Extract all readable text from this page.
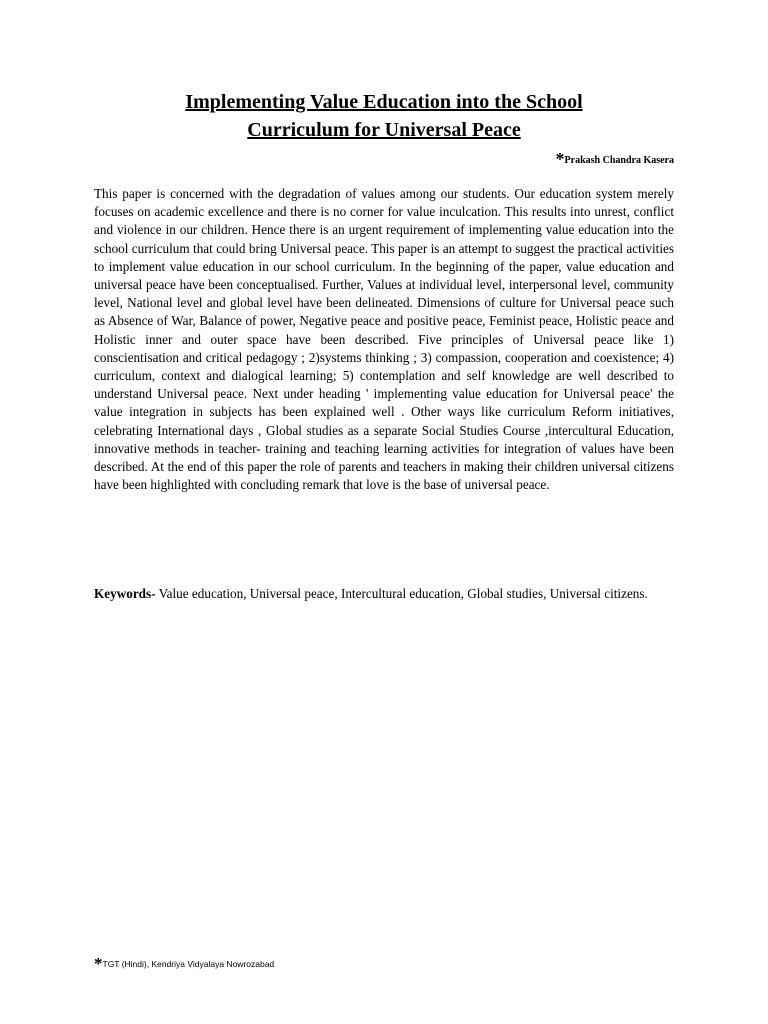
Implementing Value Education into the School
Curriculum for Universal Peace
*Prakash Chandra Kasera

This paper is concerned with the degradation of values among our students. Our education system merely focuses on academic excellence and there is no corner for value inculcation. This results into unrest, conflict and violence in our children. Hence there is an urgent requirement of implementing value education into the school curriculum that could bring Universal peace. This paper is an attempt to suggest the practical activities to implement value education in our school curriculum. In the beginning of the paper, value education and universal peace have been conceptualised. Further, Values at individual level, interpersonal level, community level, National level and global level have been delineated. Dimensions of culture for Universal peace such as Absence of War, Balance of power, Negative peace and positive peace, Feminist peace, Holistic peace and Holistic inner and outer space have been described. Five principles of Universal peace like 1) conscientisation and critical pedagogy ; 2)systems thinking ; 3) compassion, cooperation and coexistence; 4) curriculum, context and dialogical learning; 5) contemplation and self knowledge are well described to understand Universal peace. Next under heading ' implementing value education for Universal peace' the value integration in subjects has been explained well . Other ways like curriculum Reform initiatives, celebrating International days , Global studies as a separate Social Studies Course ,intercultural Education, innovative methods in teacher- training and teaching learning activities for integration of values have been described. At the end of this paper the role of parents and teachers in making their children universal citizens have been highlighted with concluding remark that love is the base of universal peace.

Keywords- Value education, Universal peace, Intercultural education, Global studies, Universal citizens.

*TGT (Hindi), Kendriya Vidyalaya Nowrozabad
